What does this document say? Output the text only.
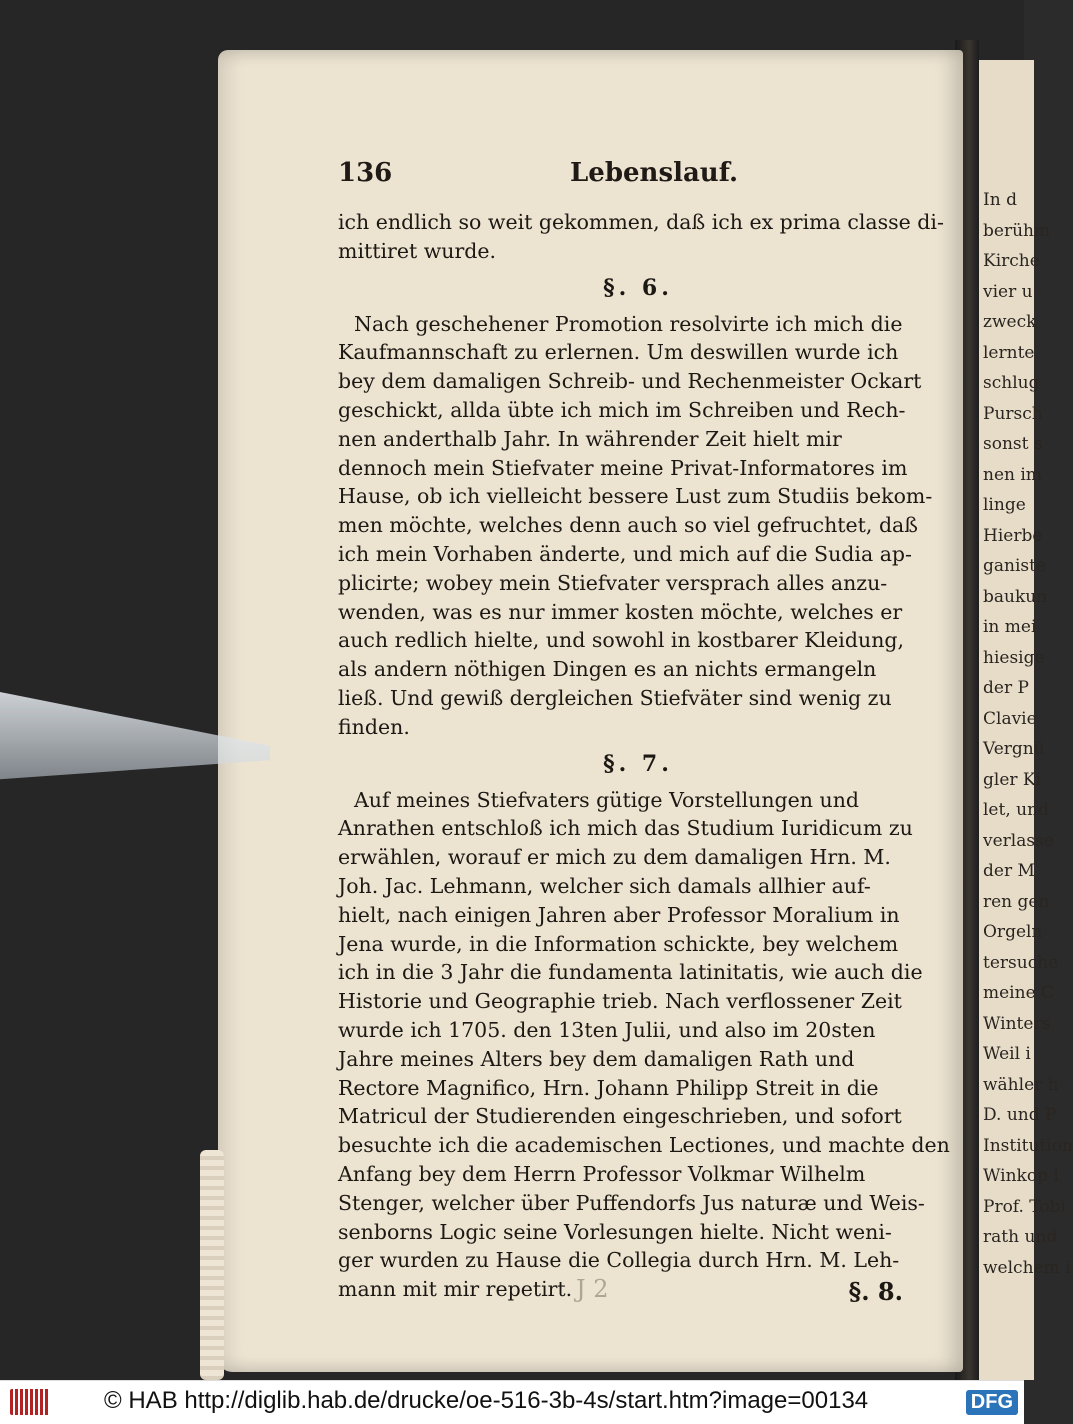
136	Lebenslauf.
ich endlich so weit gekommen, daß ich ex prima classe di-
mittiret wurde.
§. 6.
Nach geschehener Promotion resolvirte ich mich die
Kaufmannschaft zu erlernen. Um deswillen wurde ich
bey dem damaligen Schreib- und Rechenmeister Ockart
geschickt, allda übte ich mich im Schreiben und Rech-
nen anderthalb Jahr. In währender Zeit hielt mir
dennoch mein Stiefvater meine Privat-Informatores im
Hause, ob ich vielleicht bessere Lust zum Studiis bekom-
men möchte, welches denn auch so viel gefruchtet, daß
ich mein Vorhaben änderte, und mich auf die Sudia ap-
plicirte; wobey mein Stiefvater versprach alles anzu-
wenden, was es nur immer kosten möchte, welches er
auch redlich hielte, und sowohl in kostbarer Kleidung,
als andern nöthigen Dingen es an nichts ermangeln
ließ. Und gewiß dergleichen Stiefväter sind wenig zu
finden.
§. 7.
Auf meines Stiefvaters gütige Vorstellungen und
Anrathen entschloß ich mich das Studium Iuridicum zu
erwählen, worauf er mich zu dem damaligen Hrn. M.
Joh. Jac. Lehmann, welcher sich damals allhier auf-
hielt, nach einigen Jahren aber Professor Moralium in
Jena wurde, in die Information schickte, bey welchem
ich in die 3 Jahr die fundamenta latinitatis, wie auch die
Historie und Geographie trieb. Nach verflossener Zeit
wurde ich 1705. den 13ten Julii, und also im 20sten
Jahre meines Alters bey dem damaligen Rath und
Rectore Magnifico, Hrn. Johann Philipp Streit in die
Matricul der Studierenden eingeschrieben, und sofort
besuchte ich die academischen Lectiones, und machte den
Anfang bey dem Herrn Professor Volkmar Wilhelm
Stenger, welcher über Puffendorfs Jus naturæ und Weis-
senborns Logic seine Vorlesungen hielte. Nicht weni-
ger wurden zu Hause die Collegia durch Hrn. M. Leh-
mann mit mir repetirt. J 2	§. 8.
In d
berühm
Kirche
vier u
zweck
lernte
schlug
Pursch
sonst s
nen im
linge
Hierbe
ganiste
baukun
in mei
hiesige
der P
Clavie
Vergnü
gler Ki
let, und
verlasse
der M
ren gen
Orgeln
tersuche
meine C
Winters
Weil i
wähler h
D. und P
Institution
Winkop i
Prof. Tobi
rath und
welchem i
© HAB http://diglib.hab.de/drucke/oe-516-3b-4s/start.htm?image=00134	DFG
